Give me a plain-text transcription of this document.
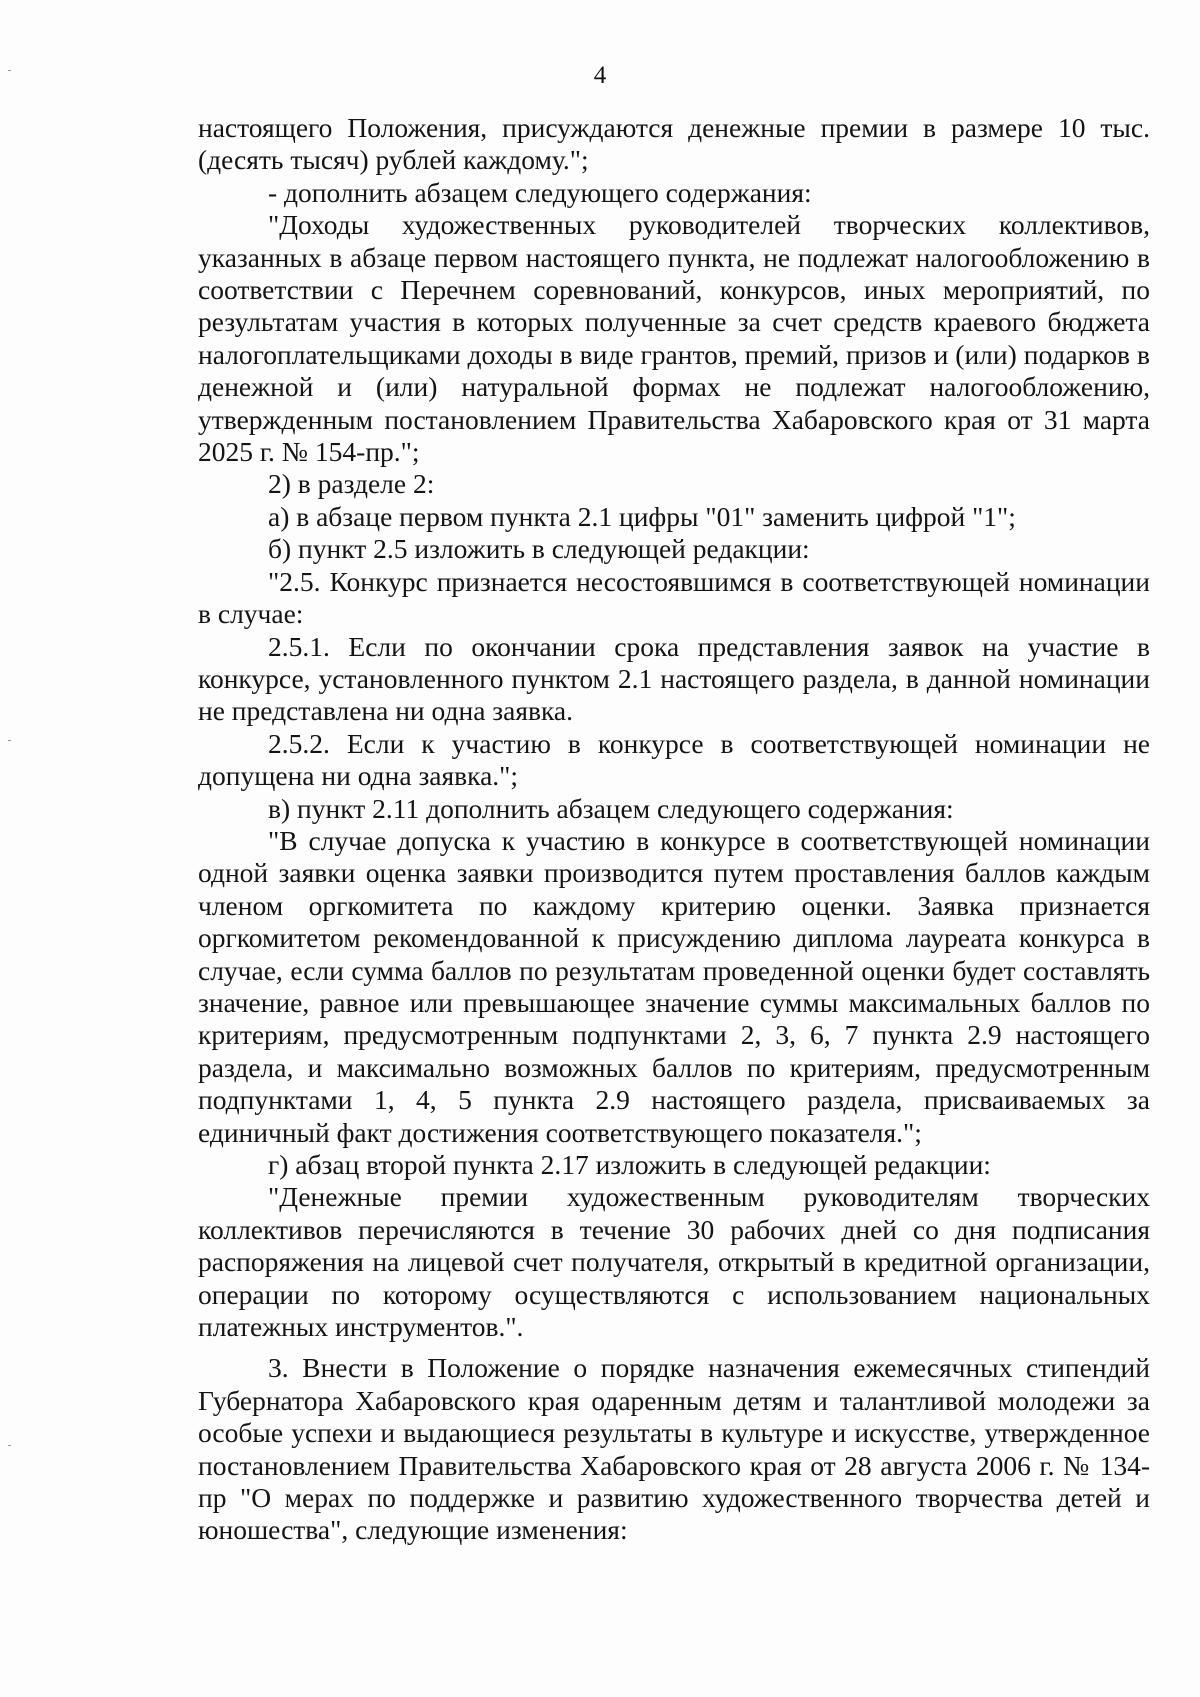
4

настоящего Положения, присуждаются денежные премии в размере 10 тыс. (десять тысяч) рублей каждому.";

- дополнить абзацем следующего содержания:

"Доходы художественных руководителей творческих коллективов, указанных в абзаце первом настоящего пункта, не подлежат налогообложению в соответствии с Перечнем соревнований, конкурсов, иных мероприятий, по результатам участия в которых полученные за счет средств краевого бюджета налогоплательщиками доходы в виде грантов, премий, призов и (или) подарков в денежной и (или) натуральной формах не подлежат налогообложению, утвержденным постановлением Правительства Хабаровского края от 31 марта 2025 г. № 154-пр.";

2) в разделе 2:

а) в абзаце первом пункта 2.1 цифры "01" заменить цифрой "1";

б) пункт 2.5 изложить в следующей редакции:

"2.5. Конкурс признается несостоявшимся в соответствующей номинации в случае:

2.5.1. Если по окончании срока представления заявок на участие в конкурсе, установленного пунктом 2.1 настоящего раздела, в данной номинации не представлена ни одна заявка.

2.5.2. Если к участию в конкурсе в соответствующей номинации не допущена ни одна заявка.";

в) пункт 2.11 дополнить абзацем следующего содержания:

"В случае допуска к участию в конкурсе в соответствующей номинации одной заявки оценка заявки производится путем проставления баллов каждым членом оргкомитета по каждому критерию оценки. Заявка признается оргкомитетом рекомендованной к присуждению диплома лауреата конкурса в случае, если сумма баллов по результатам проведенной оценки будет составлять значение, равное или превышающее значение суммы максимальных баллов по критериям, предусмотренным подпунктами 2, 3, 6, 7 пункта 2.9 настоящего раздела, и максимально возможных баллов по критериям, предусмотренным подпунктами 1, 4, 5 пункта 2.9 настоящего раздела, присваиваемых за единичный факт достижения соответствующего показателя.";

г) абзац второй пункта 2.17 изложить в следующей редакции:

"Денежные премии художественным руководителям творческих коллективов перечисляются в течение 30 рабочих дней со дня подписания распоряжения на лицевой счет получателя, открытый в кредитной организации, операции по которому осуществляются с использованием национальных платежных инструментов.".

3. Внести в Положение о порядке назначения ежемесячных стипендий Губернатора Хабаровского края одаренным детям и талантливой молодежи за особые успехи и выдающиеся результаты в культуре и искусстве, утвержденное постановлением Правительства Хабаровского края от 28 августа 2006 г. № 134-пр "О мерах по поддержке и развитию художественного творчества детей и юношества", следующие изменения:
